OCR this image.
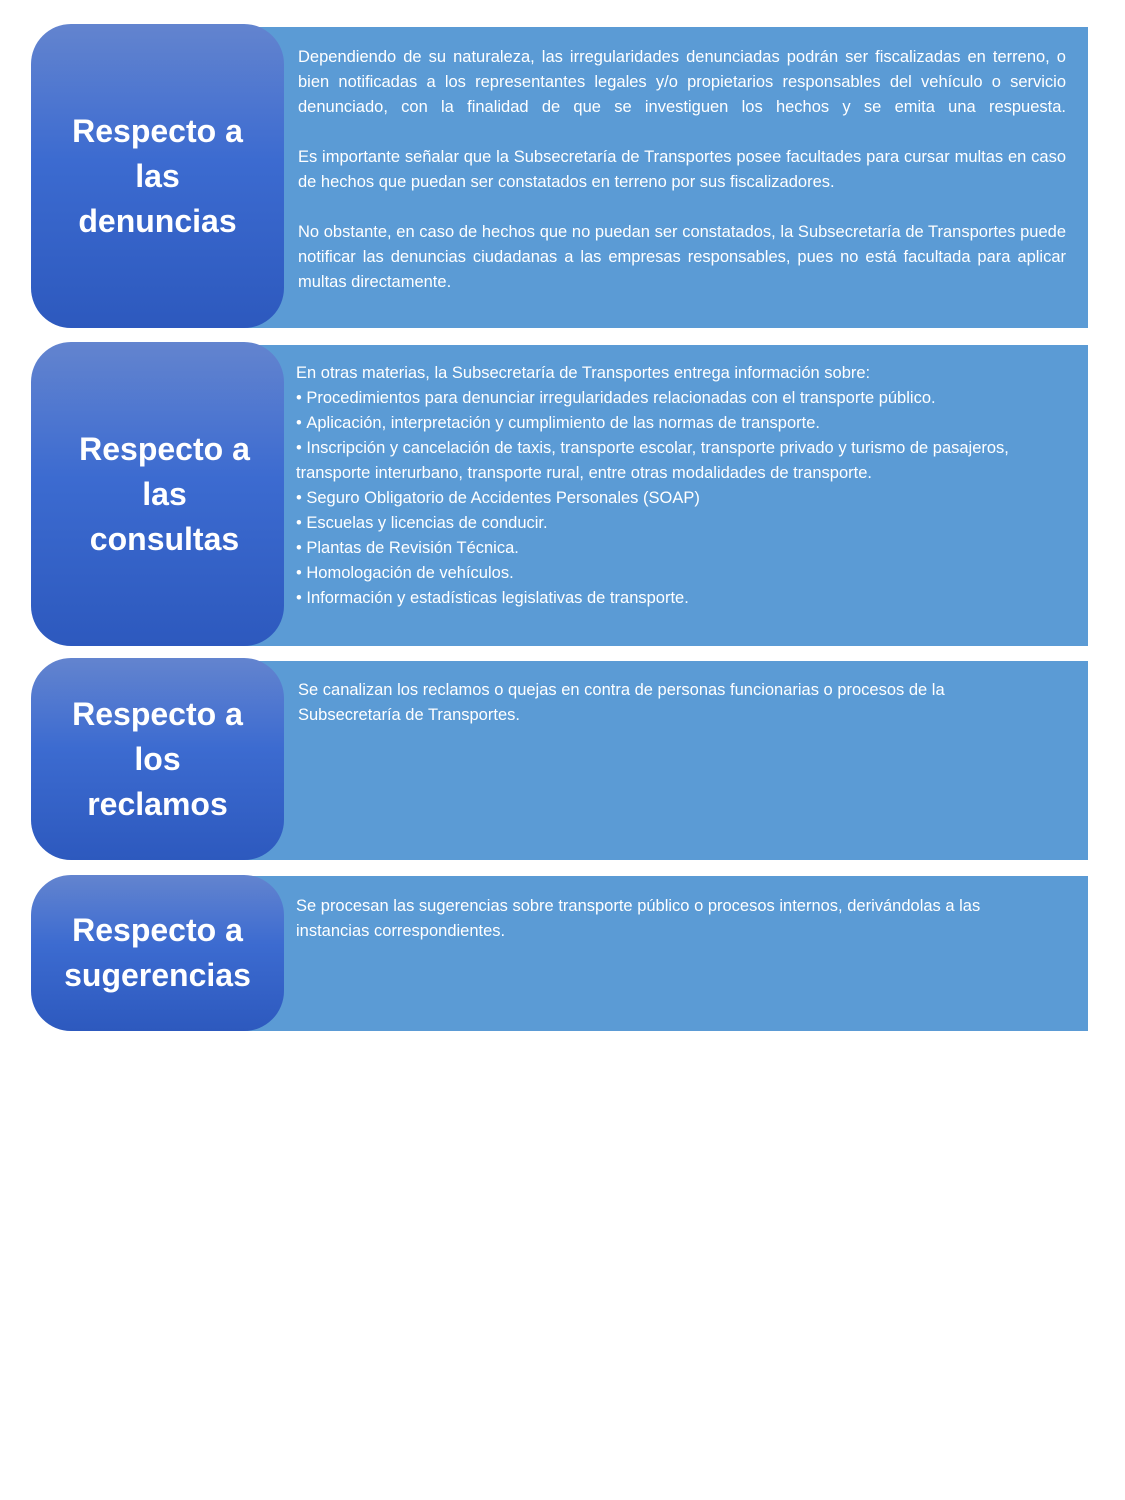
Dependiendo de su naturaleza, las irregularidades denunciadas podrán ser fiscalizadas en terreno, o bien notificadas a los representantes legales y/o propietarios responsables del vehículo o servicio denunciado, con la finalidad de que se investiguen los hechos y se emita una respuesta.

Es importante señalar que la Subsecretaría de Transportes posee facultades para cursar multas en caso de hechos que puedan ser constatados en terreno por sus fiscalizadores.

No obstante, en caso de hechos que no puedan ser constatados, la Subsecretaría de Transportes puede notificar las denuncias ciudadanas a las empresas responsables, pues no está facultada para aplicar multas directamente.

Respecto a
las
denuncias

En otras materias, la Subsecretaría de Transportes entrega información sobre:

• Procedimientos para denunciar irregularidades relacionadas con el transporte público.
• Aplicación, interpretación y cumplimiento de las normas de transporte.
• Inscripción y cancelación de taxis, transporte escolar, transporte privado y turismo de pasajeros, transporte interurbano, transporte rural, entre otras modalidades de transporte.
• Seguro Obligatorio de Accidentes Personales (SOAP)
• Escuelas y licencias de conducir.
• Plantas de Revisión Técnica.
• Homologación de vehículos.
• Información y estadísticas legislativas de transporte.
Respecto a
las
consultas

Se canalizan los reclamos o quejas en contra de personas funcionarias o procesos de la Subsecretaría de Transportes.

Respecto a
los
reclamos

Se procesan las sugerencias sobre transporte público o procesos internos, derivándolas a las instancias correspondientes.

Respecto a
sugerencias
